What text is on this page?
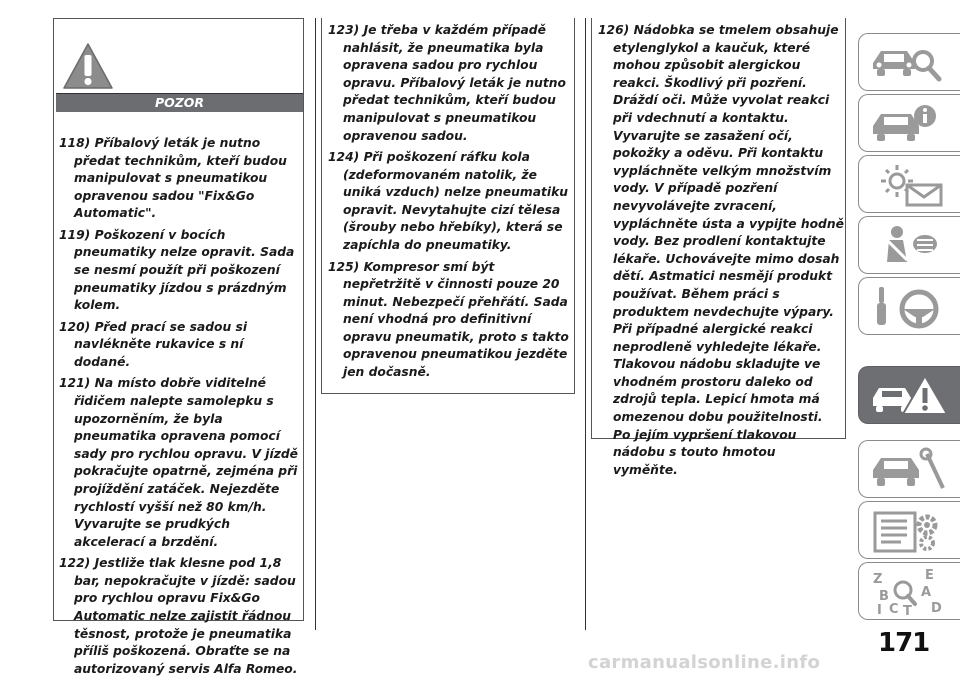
POZOR
118) Příbalový leták je nutno předat technikům, kteří budou manipulovat s pneumatikou opravenou sadou "Fix&Go Automatic".
119) Poškození v bocích pneumatiky nelze opravit. Sada se nesmí použít při poškození pneumatiky jízdou s prázdným kolem.
120) Před prací se sadou si navlékněte rukavice s ní dodané.
121) Na místo dobře viditelné řidičem nalepte samolepku s upozorněním, že byla pneumatika opravena pomocí sady pro rychlou opravu. V jízdě pokračujte opatrně, zejména při projíždění zatáček. Nejezděte rychlostí vyšší než 80 km/h. Vyvarujte se prudkých akcelerací a brzdění.
122) Jestliže tlak klesne pod 1,8 bar, nepokračujte v jízdě: sadou pro rychlou opravu Fix&Go Automatic nelze zajistit řádnou těsnost, protože je pneumatika příliš poškozená. Obraťte se na autorizovaný servis Alfa Romeo.
123) Je třeba v každém případě nahlásit, že pneumatika byla opravena sadou pro rychlou opravu. Příbalový leták je nutno předat technikům, kteří budou manipulovat s pneumatikou opravenou sadou.
124) Při poškození ráfku kola (zdeformovaném natolik, že uniká vzduch) nelze pneumatiku opravit. Nevytahujte cizí tělesa (šrouby nebo hřebíky), která se zapíchla do pneumatiky.
125) Kompresor smí být nepřetržitě v činnosti pouze 20 minut. Nebezpečí přehřátí. Sada není vhodná pro definitivní opravu pneumatik, proto s takto opravenou pneumatikou jezděte jen dočasně.
126) Nádobka se tmelem obsahuje etylenglykol a kaučuk, které mohou způsobit alergickou reakci. Škodlivý při pozření. Dráždí oči. Může vyvolat reakci při vdechnutí a kontaktu. Vyvarujte se zasažení očí, pokožky a oděvu. Při kontaktu vypláchněte velkým množstvím vody. V případě pozření nevyvolávejte zvracení, vypláchněte ústa a vypijte hodně vody. Bez prodlení kontaktujte lékaře. Uchovávejte mimo dosah dětí. Astmatici nesmějí produkt používat. Během práci s produktem nevdechujte výpary. Při případné alergické reakci neprodleně vyhledejte lékaře. Tlakovou nádobu skladujte ve vhodném prostoru daleko od zdrojů tepla. Lepicí hmota má omezenou dobu použitelnosti. Po jejím vypršení tlakovou nádobu s touto hmotou vyměňte.
Z	E
B A
C T
I	D
171
carmanualsonline.info
